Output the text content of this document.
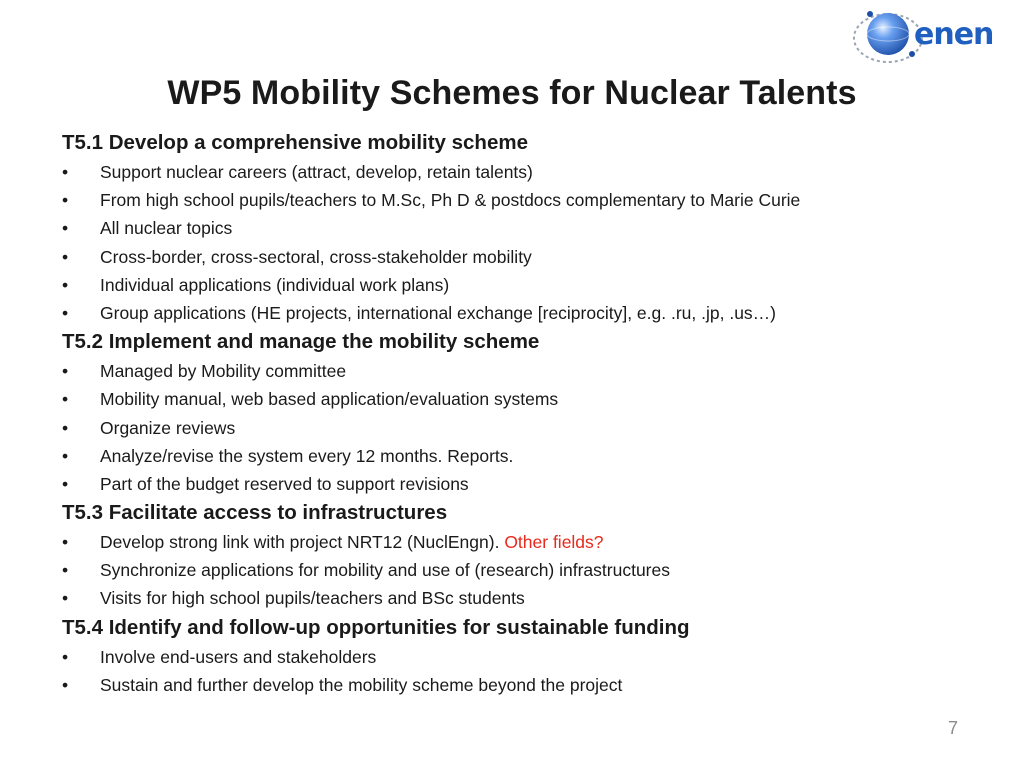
enen
WP5 Mobility Schemes for Nuclear Talents
T5.1 Develop a comprehensive mobility scheme
•	Support nuclear careers (attract, develop, retain talents)
•	From high school pupils/teachers to M.Sc, Ph D & postdocs complementary to Marie Curie
•	All nuclear topics
•	Cross-border, cross-sectoral, cross-stakeholder mobility
•	Individual applications (individual work plans)
•	Group applications (HE projects, international exchange [reciprocity], e.g. .ru, .jp, .us…)
T5.2 Implement and manage the mobility scheme
•	Managed by Mobility committee
•	Mobility manual, web based application/evaluation systems
•	Organize reviews
•	Analyze/revise the system every 12 months. Reports.
•	Part of the budget reserved to support revisions
T5.3 Facilitate access to infrastructures
•	Develop strong link with project NRT12 (NuclEngn). Other fields?
•	Synchronize applications for mobility and use of (research) infrastructures
•	Visits for high school pupils/teachers and BSc students
T5.4 Identify and follow-up opportunities for sustainable funding
•	Involve end-users and stakeholders
•	Sustain and further develop the mobility scheme beyond the project
7
